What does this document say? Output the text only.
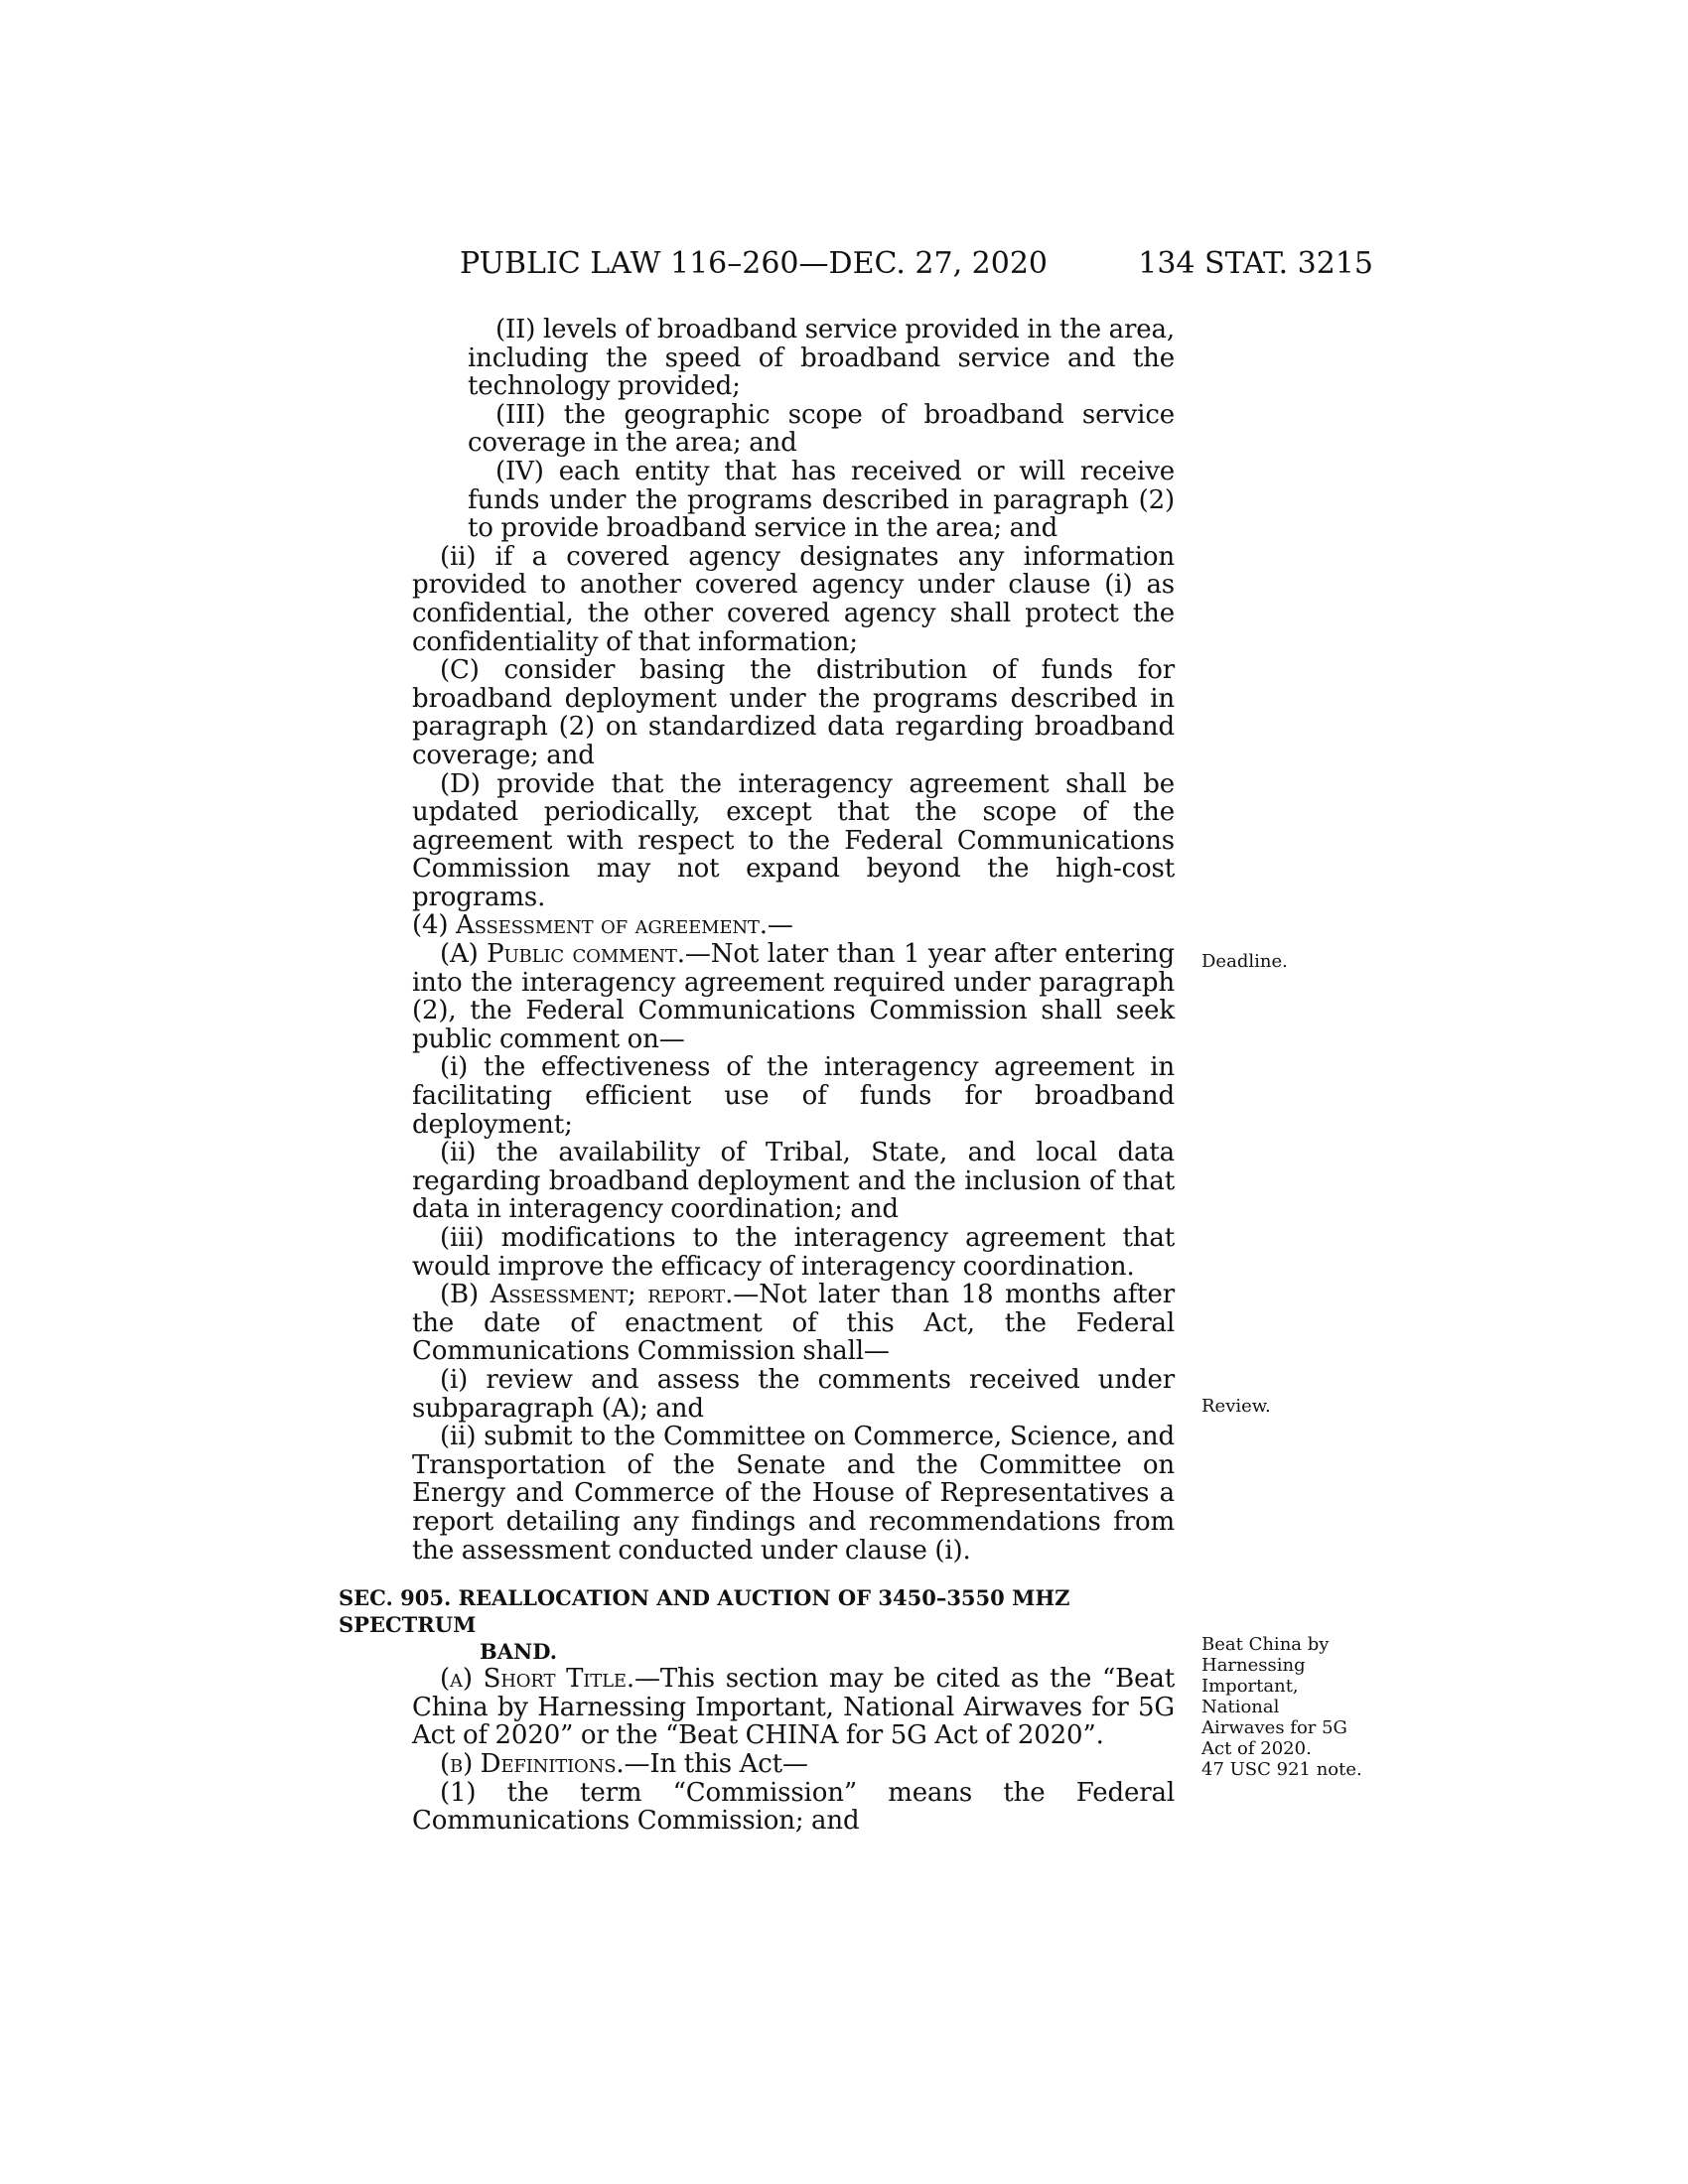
PUBLIC LAW 116–260—DEC. 27, 2020	134 STAT. 3215

(II) levels of broadband service provided in the area, including the speed of broadband service and the technology provided;

(III) the geographic scope of broadband service coverage in the area; and

(IV) each entity that has received or will receive funds under the programs described in paragraph (2) to provide broadband service in the area; and

(ii) if a covered agency designates any information provided to another covered agency under clause (i) as confidential, the other covered agency shall protect the confidentiality of that information;

(C) consider basing the distribution of funds for broadband deployment under the programs described in paragraph (2) on standardized data regarding broadband coverage; and

(D) provide that the interagency agreement shall be updated periodically, except that the scope of the agreement with respect to the Federal Communications Commission may not expand beyond the high-cost programs.

(4) Assessment of agreement.—

(A) Public comment.—Not later than 1 year after entering into the interagency agreement required under paragraph (2), the Federal Communications Commission shall seek public comment on—

(i) the effectiveness of the interagency agreement in facilitating efficient use of funds for broadband deployment;

(ii) the availability of Tribal, State, and local data regarding broadband deployment and the inclusion of that data in interagency coordination; and

(iii) modifications to the interagency agreement that would improve the efficacy of interagency coordination.

(B) Assessment; report.—Not later than 18 months after the date of enactment of this Act, the Federal Communications Commission shall—

(i) review and assess the comments received under subparagraph (A); and

(ii) submit to the Committee on Commerce, Science, and Transportation of the Senate and the Committee on Energy and Commerce of the House of Representatives a report detailing any findings and recommendations from the assessment conducted under clause (i).

SEC. 905. REALLOCATION AND AUCTION OF 3450–3550 MHZ SPECTRUM
BAND.

(a) Short Title.—This section may be cited as the “Beat China by Harnessing Important, National Airwaves for 5G Act of 2020” or the “Beat CHINA for 5G Act of 2020”.

(b) Definitions.—In this Act—

(1) the term “Commission” means the Federal Communications Commission; and

Deadline.
Review.
Beat China by
Harnessing
Important,
National
Airwaves for 5G
Act of 2020.
47 USC 921 note.
